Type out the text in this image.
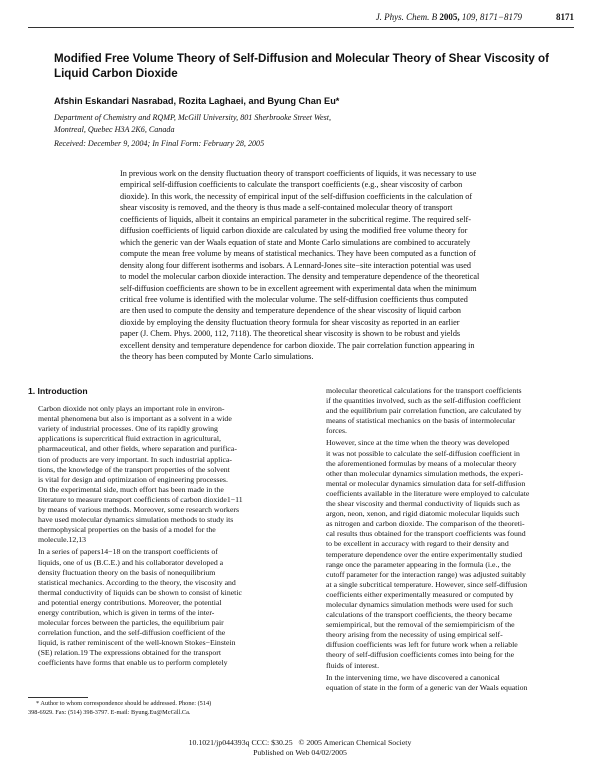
J. Phys. Chem. B 2005, 109, 8171−8179	8171
Modified Free Volume Theory of Self-Diffusion and Molecular Theory of Shear Viscosity of
Liquid Carbon Dioxide
Afshin Eskandari Nasrabad, Rozita Laghaei, and Byung Chan Eu*
Department of Chemistry and RQMP, McGill University, 801 Sherbrooke Street West,
Montreal, Quebec H3A 2K6, Canada
Received: December 9, 2004; In Final Form: February 28, 2005
In previous work on the density fluctuation theory of transport coefficients of liquids, it was necessary to use
empirical self-diffusion coefficients to calculate the transport coefficients (e.g., shear viscosity of carbon
dioxide). In this work, the necessity of empirical input of the self-diffusion coefficients in the calculation of
shear viscosity is removed, and the theory is thus made a self-contained molecular theory of transport
coefficients of liquids, albeit it contains an empirical parameter in the subcritical regime. The required self-
diffusion coefficients of liquid carbon dioxide are calculated by using the modified free volume theory for
which the generic van der Waals equation of state and Monte Carlo simulations are combined to accurately
compute the mean free volume by means of statistical mechanics. They have been computed as a function of
density along four different isotherms and isobars. A Lennard-Jones site−site interaction potential was used
to model the molecular carbon dioxide interaction. The density and temperature dependence of the theoretical
self-diffusion coefficients are shown to be in excellent agreement with experimental data when the minimum
critical free volume is identified with the molecular volume. The self-diffusion coefficients thus computed
are then used to compute the density and temperature dependence of the shear viscosity of liquid carbon
dioxide by employing the density fluctuation theory formula for shear viscosity as reported in an earlier
paper (J. Chem. Phys. 2000, 112, 7118). The theoretical shear viscosity is shown to be robust and yields
excellent density and temperature dependence for carbon dioxide. The pair correlation function appearing in
the theory has been computed by Monte Carlo simulations.
1. Introduction

Carbon dioxide not only plays an important role in environ-
mental phenomena but also is important as a solvent in a wide
variety of industrial processes. One of its rapidly growing
applications is supercritical fluid extraction in agricultural,
pharmaceutical, and other fields, where separation and purifica-
tion of products are very important. In such industrial applica-
tions, the knowledge of the transport properties of the solvent
is vital for design and optimization of engineering processes.
On the experimental side, much effort has been made in the
literature to measure transport coefficients of carbon dioxide1−11
by means of various methods. Moreover, some research workers
have used molecular dynamics simulation methods to study its
thermophysical properties on the basis of a model for the
molecule.12,13

In a series of papers14−18 on the transport coefficients of
liquids, one of us (B.C.E.) and his collaborator developed a
density fluctuation theory on the basis of nonequilibrium
statistical mechanics. According to the theory, the viscosity and
thermal conductivity of liquids can be shown to consist of kinetic
and potential energy contributions. Moreover, the potential
energy contribution, which is given in terms of the inter-
molecular forces between the particles, the equilibrium pair
correlation function, and the self-diffusion coefficient of the
liquid, is rather reminiscent of the well-known Stokes−Einstein
(SE) relation.19 The expressions obtained for the transport
coefficients have forms that enable us to perform completely

molecular theoretical calculations for the transport coefficients
if the quantities involved, such as the self-diffusion coefficient
and the equilibrium pair correlation function, are calculated by
means of statistical mechanics on the basis of intermolecular
forces.

However, since at the time when the theory was developed
it was not possible to calculate the self-diffusion coefficient in
the aforementioned formulas by means of a molecular theory
other than molecular dynamics simulation methods, the experi-
mental or molecular dynamics simulation data for self-diffusion
coefficients available in the literature were employed to calculate
the shear viscosity and thermal conductivity of liquids such as
argon, neon, xenon, and rigid diatomic molecular liquids such
as nitrogen and carbon dioxide. The comparison of the theoreti-
cal results thus obtained for the transport coefficients was found
to be excellent in accuracy with regard to their density and
temperature dependence over the entire experimentally studied
range once the parameter appearing in the formula (i.e., the
cutoff parameter for the interaction range) was adjusted suitably
at a single subcritical temperature. However, since self-diffusion
coefficients either experimentally measured or computed by
molecular dynamics simulation methods were used for such
calculations of the transport coefficients, the theory became
semiempirical, but the removal of the semiempiricism of the
theory arising from the necessity of using empirical self-
diffusion coefficients was left for future work when a reliable
theory of self-diffusion coefficients comes into being for the
fluids of interest.

In the intervening time, we have discovered a canonical
equation of state in the form of a generic van der Waals equation

* Author to whom correspondence should be addressed. Phone: (514)
398-6929. Fax: (514) 398-3797. E-mail: Byung.Eu@McGill.Ca.
10.1021/jp044393q CCC: $30.25   © 2005 American Chemical Society
Published on Web 04/02/2005
